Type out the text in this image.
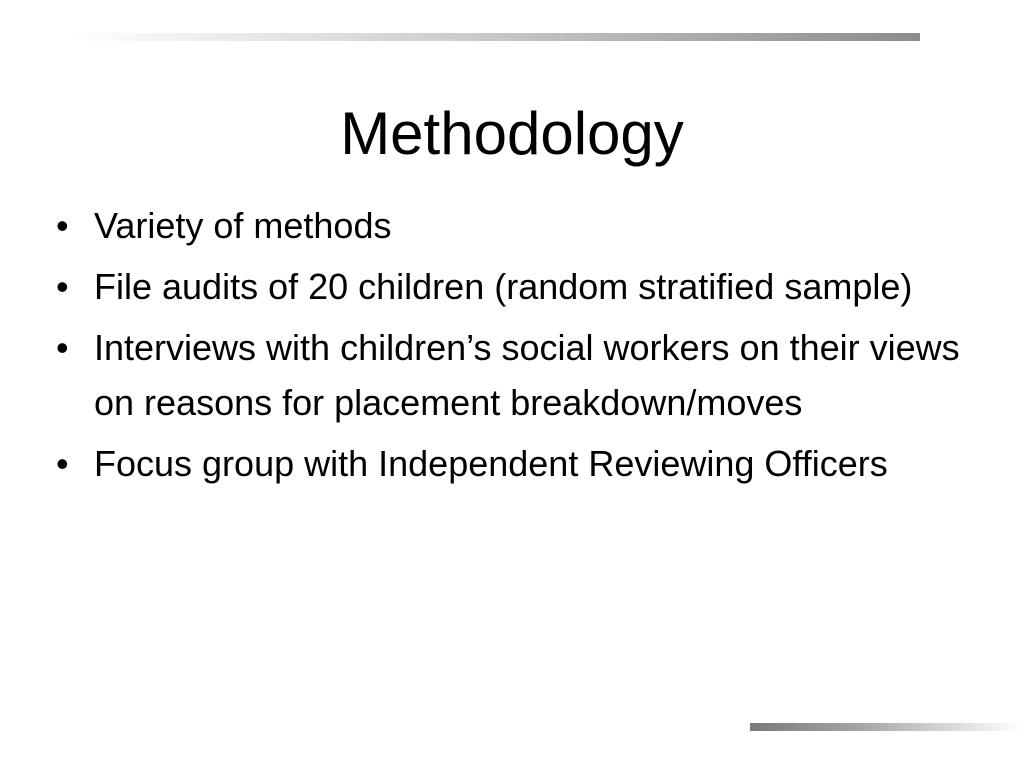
Methodology
• Variety of methods
• File audits of 20 children (random stratified sample)
• Interviews with children’s social workers on their views on reasons for placement breakdown/moves
• Focus group with Independent Reviewing Officers
